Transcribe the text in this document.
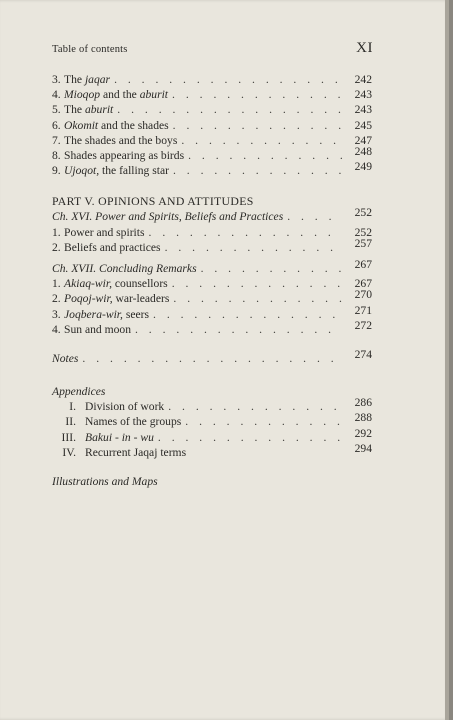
Table of contents	XI
3. The jaqar . . .	242
4. Mioqop and the aburit . . .	243
5. The aburit . . .	243
6. Okomit and the shades . . .	245
7. The shades and the boys . . .	247
8. Shades appearing as birds . . .	248
9. Ujoqot, the falling star . . .	249
PART V. OPINIONS AND ATTITUDES
Ch. XVI. Power and Spirits, Beliefs and Practices . . .	252
1. Power and spirits . . .	252
2. Beliefs and practices . . .	257
Ch. XVII. Concluding Remarks . . .	267
1. Akiaq-wir, counsellors . . .	267
2. Poqoj-wir, war-leaders . . .	270
3. Joqbera-wir, seers . . .	271
4. Sun and moon . . .	272
Notes . . .	274
Appendices
I. Division of work . . .	286
II. Names of the groups . . .	288
III. Bakui - in - wu . . .	292
IV. Recurrent Jaqaj terms	294
Illustrations and Maps
